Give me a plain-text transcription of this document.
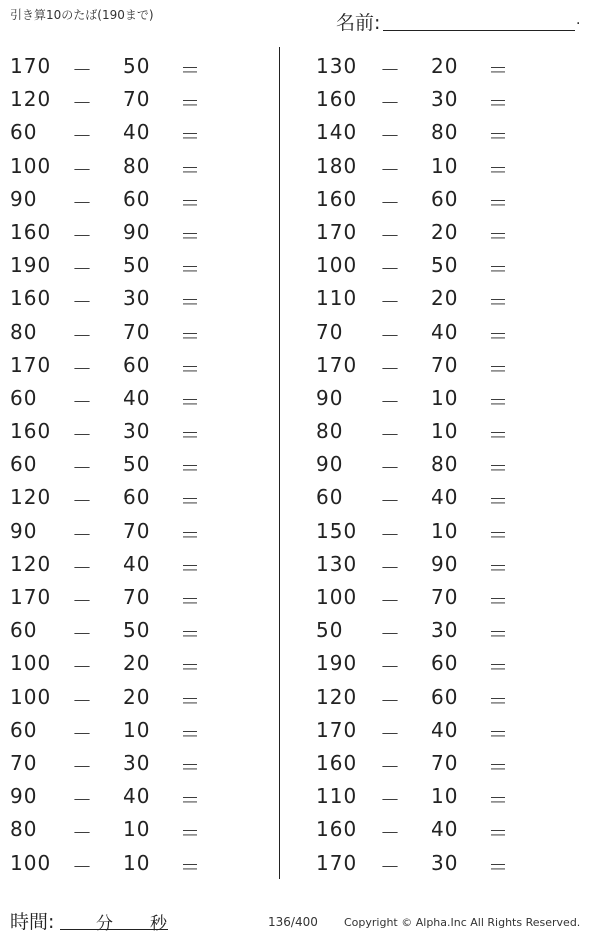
引き算10のたば(190まで)	名前:	.
170 － 50 ＝
120 － 70 ＝
60 － 40 ＝
100 － 80 ＝
90 － 60 ＝
160 － 90 ＝
190 － 50 ＝
160 － 30 ＝
80 － 70 ＝
170 － 60 ＝
60 － 40 ＝
160 － 30 ＝
60 － 50 ＝
120 － 60 ＝
90 － 70 ＝
120 － 40 ＝
170 － 70 ＝
60 － 50 ＝
100 － 20 ＝
100 － 20 ＝
60 － 10 ＝
70 － 30 ＝
90 － 40 ＝
80 － 10 ＝
100 － 10 ＝
130 － 20 ＝
160 － 30 ＝
140 － 80 ＝
180 － 10 ＝
160 － 60 ＝
170 － 20 ＝
100 － 50 ＝
110 － 20 ＝
70 － 40 ＝
170 － 70 ＝
90 － 10 ＝
80 － 10 ＝
90 － 80 ＝
60 － 40 ＝
150 － 10 ＝
130 － 90 ＝
100 － 70 ＝
50 － 30 ＝
190 － 60 ＝
120 － 60 ＝
170 － 40 ＝
160 － 70 ＝
110 － 10 ＝
160 － 40 ＝
170 － 30 ＝
時間: 分 秒	136/400 Copyright © Alpha.Inc All Rights Reserved.
